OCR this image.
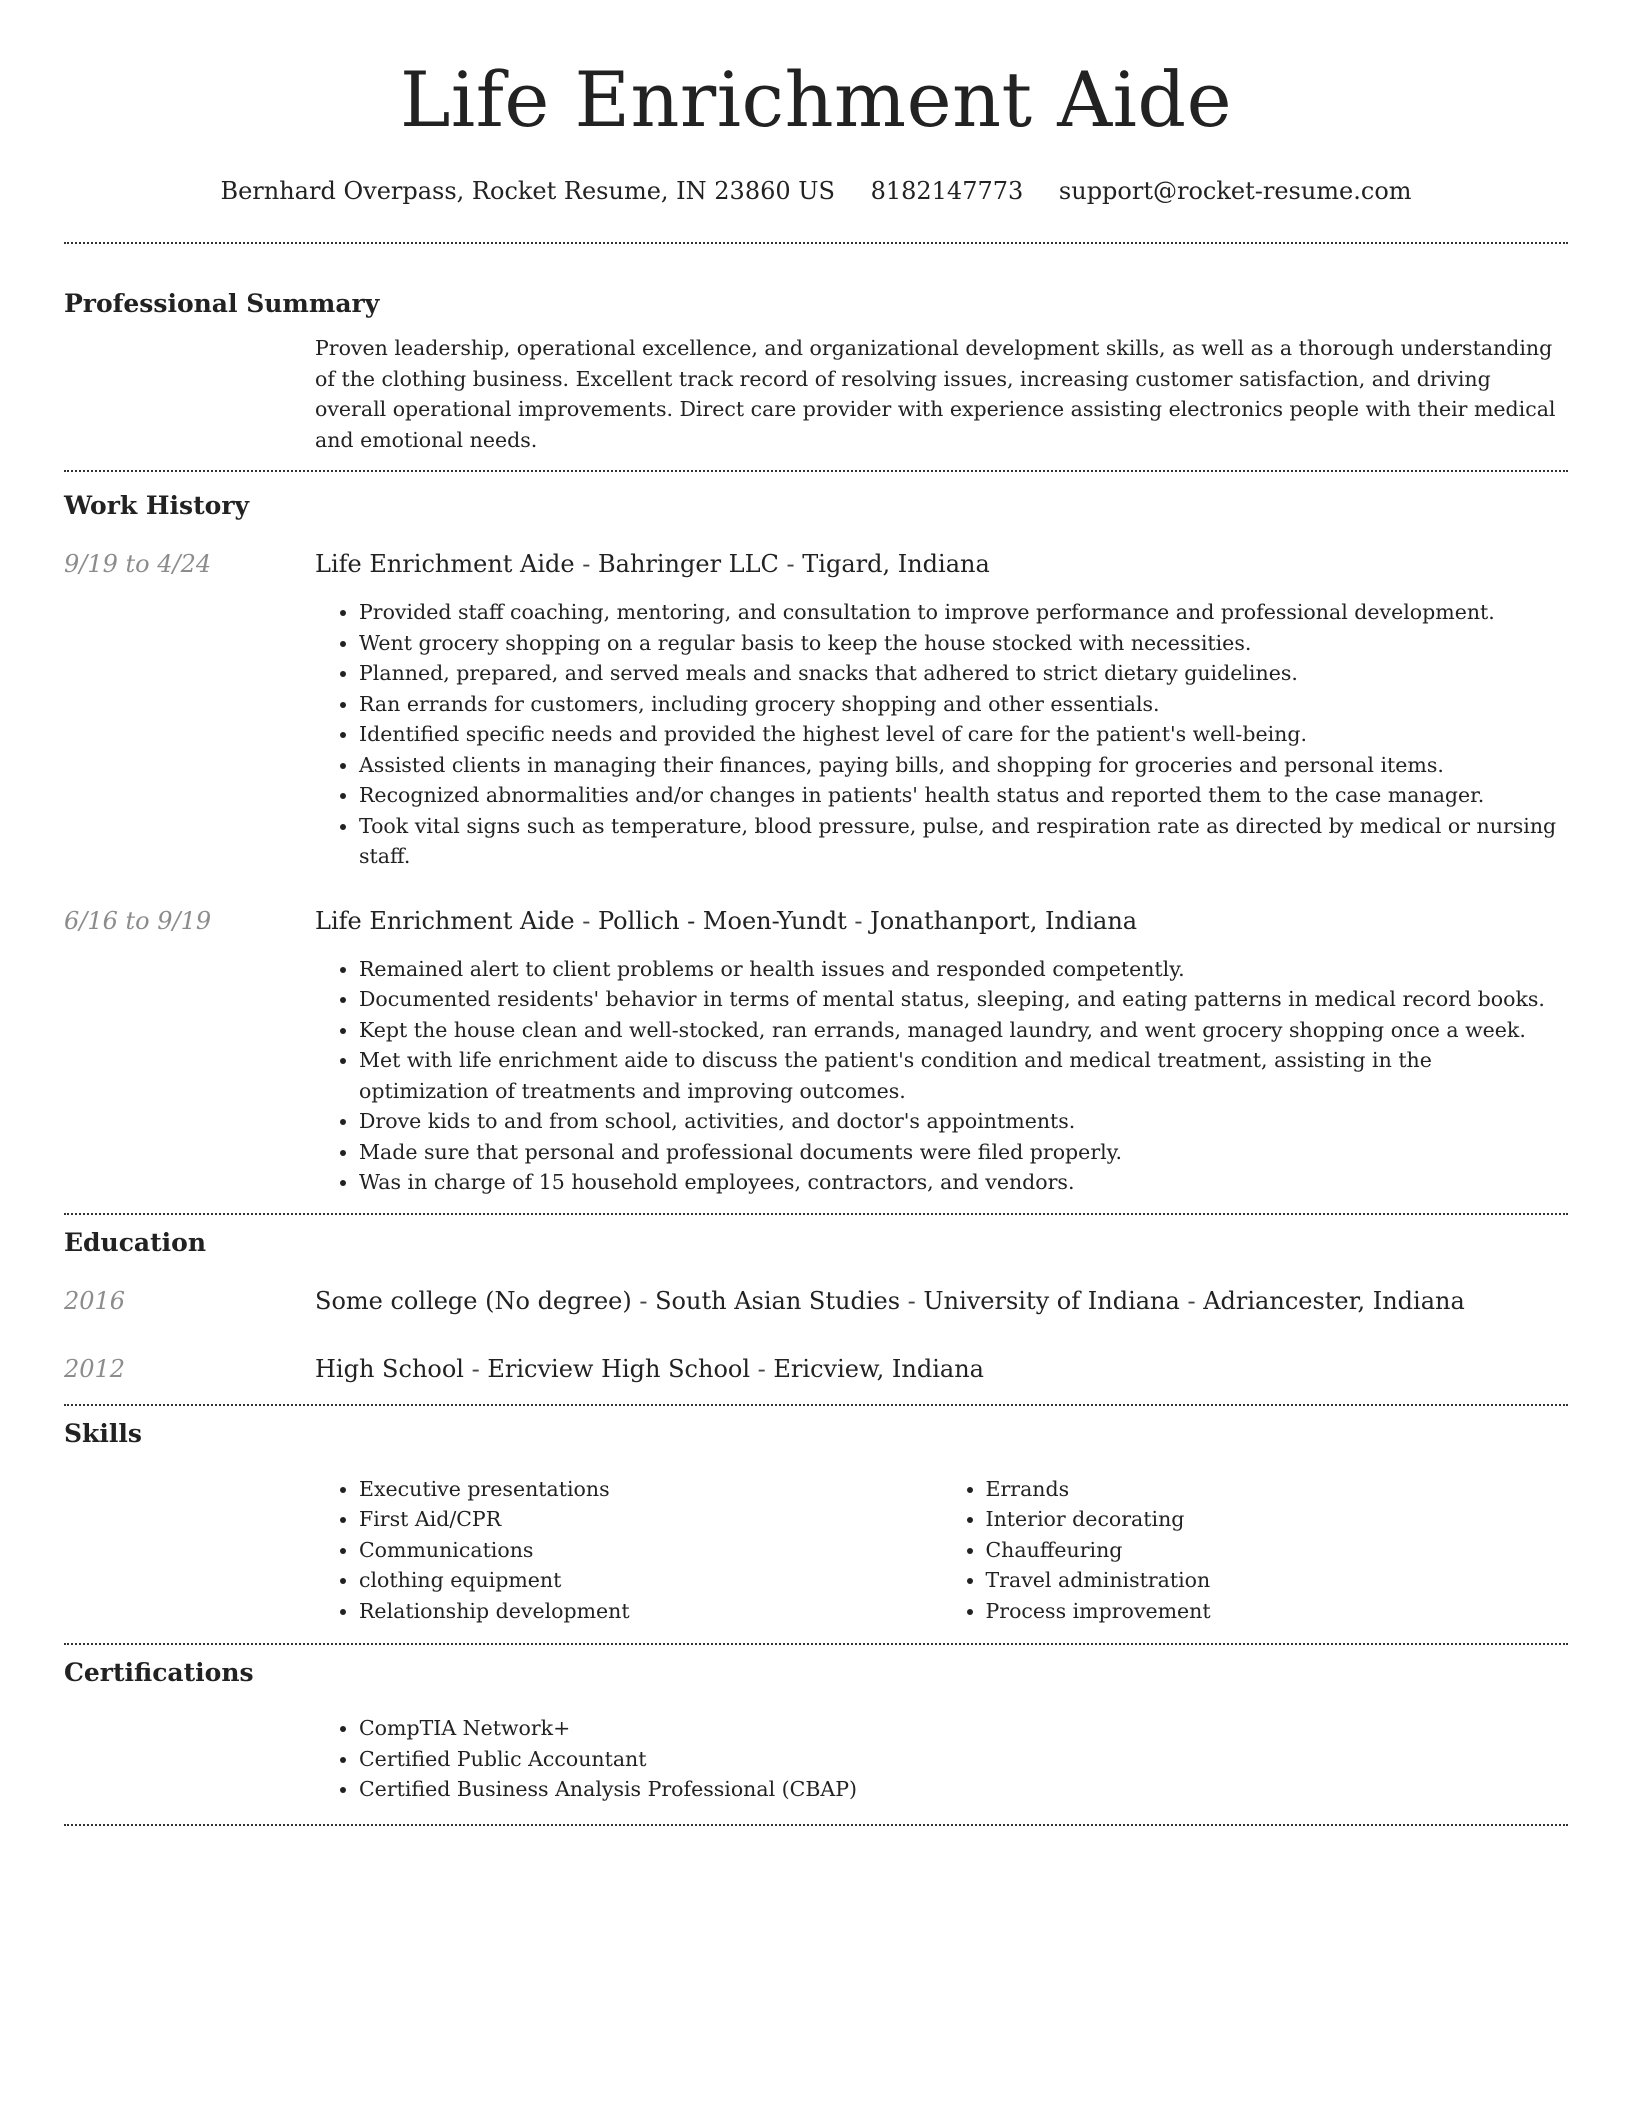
Life Enrichment Aide
Bernhard Overpass, Rocket Resume, IN 23860 US 8182147773 support@rocket-resume.com
Professional Summary

Proven leadership, operational excellence, and organizational development skills, as well as a thorough understanding of the clothing business. Excellent track record of resolving issues, increasing customer satisfaction, and driving overall operational improvements. Direct care provider with experience assisting electronics people with their medical and emotional needs.

Work History
9/19 to 4/24	Life Enrichment Aide - Bahringer LLC - Tigard, Indiana
• Provided staff coaching, mentoring, and consultation to improve performance and professional development.
• Went grocery shopping on a regular basis to keep the house stocked with necessities.
• Planned, prepared, and served meals and snacks that adhered to strict dietary guidelines.
• Ran errands for customers, including grocery shopping and other essentials.
• Identified specific needs and provided the highest level of care for the patient's well-being.
• Assisted clients in managing their finances, paying bills, and shopping for groceries and personal items.
• Recognized abnormalities and/or changes in patients' health status and reported them to the case manager.
• Took vital signs such as temperature, blood pressure, pulse, and respiration rate as directed by medical or nursing staff.
6/16 to 9/19	Life Enrichment Aide - Pollich - Moen-Yundt - Jonathanport, Indiana
• Remained alert to client problems or health issues and responded competently.
• Documented residents' behavior in terms of mental status, sleeping, and eating patterns in medical record books.
• Kept the house clean and well-stocked, ran errands, managed laundry, and went grocery shopping once a week.
• Met with life enrichment aide to discuss the patient's condition and medical treatment, assisting in the optimization of treatments and improving outcomes.
• Drove kids to and from school, activities, and doctor's appointments.
• Made sure that personal and professional documents were filed properly.
• Was in charge of 15 household employees, contractors, and vendors.
Education
2016	Some college (No degree) - South Asian Studies - University of Indiana - Adriancester, Indiana
2012	High School - Ericview High School - Ericview, Indiana
Skills
• Executive presentations
• First Aid/CPR
• Communications
• clothing equipment
• Relationship development
• Errands
• Interior decorating
• Chauffeuring
• Travel administration
• Process improvement
Certifications
• CompTIA Network+
• Certified Public Accountant
• Certified Business Analysis Professional (CBAP)
